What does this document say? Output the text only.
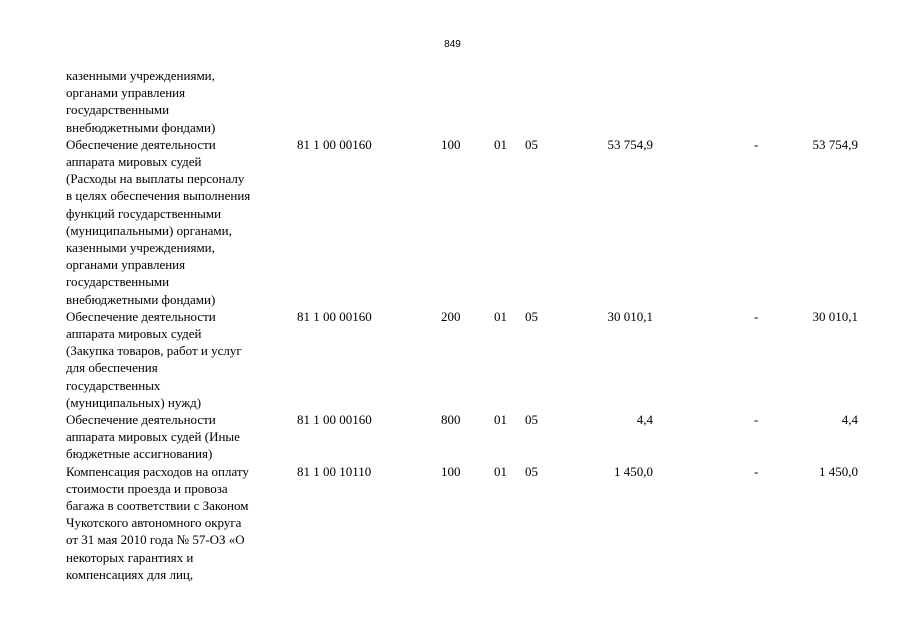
849
казенными учреждениями,
органами управления
государственными
внебюджетными фондами)
Обеспечение деятельности
аппарата мировых судей
(Расходы на выплаты персоналу
в целях обеспечения выполнения
функций государственными
(муниципальными) органами,
казенными учреждениями,
органами управления
государственными
внебюджетными фондами)
81 1 00 00160	100	01 05	53 754,9	-	53 754,9
Обеспечение деятельности
аппарата мировых судей
(Закупка товаров, работ и услуг
для обеспечения
государственных
(муниципальных) нужд)
81 1 00 00160	200	01 05	30 010,1	-	30 010,1
Обеспечение деятельности
аппарата мировых судей (Иные
бюджетные ассигнования)
81 1 00 00160	800	01 05	4,4	-	4,4
Компенсация расходов на оплату
стоимости проезда и провоза
багажа в соответствии с Законом
Чукотского автономного округа
от 31 мая 2010 года № 57-ОЗ «О
некоторых гарантиях и
компенсациях для лиц,
81 1 00 10110	100	01 05	1 450,0	-	1 450,0
